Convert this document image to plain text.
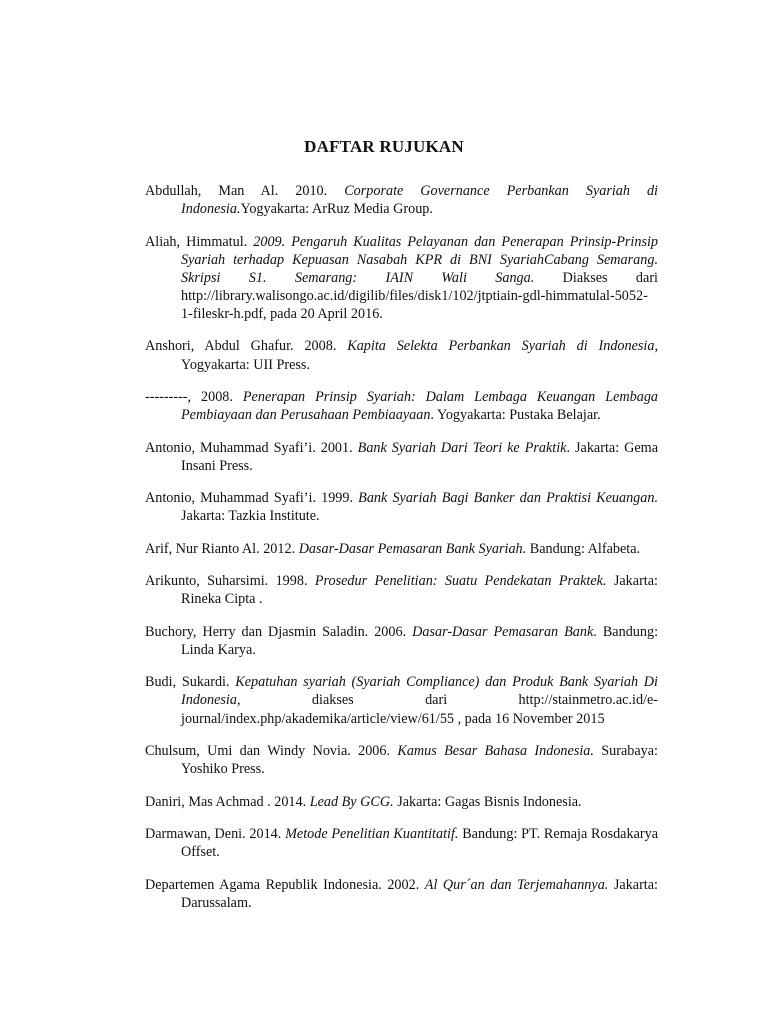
DAFTAR RUJUKAN

Abdullah, Man Al. 2010. Corporate Governance Perbankan Syariah di Indonesia.Yogyakarta: ArRuz Media Group.

Aliah, Himmatul. 2009. Pengaruh Kualitas Pelayanan dan Penerapan Prinsip-Prinsip Syariah terhadap Kepuasan Nasabah KPR di BNI SyariahCabang Semarang. Skripsi S1. Semarang: IAIN Wali Sanga. Diakses dari http://library.walisongo.ac.id/digilib/files/disk1/102/jtptiain-gdl-himmatulal-5052-1-fileskr-h.pdf, pada 20 April 2016.

Anshori, Abdul Ghafur. 2008. Kapita Selekta Perbankan Syariah di Indonesia, Yogyakarta: UII Press.

---------, 2008. Penerapan Prinsip Syariah: Dalam Lembaga Keuangan Lembaga Pembiayaan dan Perusahaan Pembiaayaan. Yogyakarta: Pustaka Belajar.

Antonio, Muhammad Syafi’i. 2001. Bank Syariah Dari Teori ke Praktik. Jakarta: Gema Insani Press.

Antonio, Muhammad Syafi’i. 1999. Bank Syariah Bagi Banker dan Praktisi Keuangan. Jakarta: Tazkia Institute.

Arif, Nur Rianto Al. 2012. Dasar-Dasar Pemasaran Bank Syariah. Bandung: Alfabeta.

Arikunto, Suharsimi. 1998. Prosedur Penelitian: Suatu Pendekatan Praktek. Jakarta: Rineka Cipta .

Buchory, Herry dan Djasmin Saladin. 2006. Dasar-Dasar Pemasaran Bank. Bandung: Linda Karya.

Budi, Sukardi. Kepatuhan syariah (Syariah Compliance) dan Produk Bank Syariah Di Indonesia, diakses dari http://stainmetro.ac.id/e-journal/index.php/akademika/article/view/61/55 , pada 16 November 2015

Chulsum, Umi dan Windy Novia. 2006. Kamus Besar Bahasa Indonesia. Surabaya: Yoshiko Press.

Daniri, Mas Achmad . 2014. Lead By GCG. Jakarta: Gagas Bisnis Indonesia.

Darmawan, Deni. 2014. Metode Penelitian Kuantitatif. Bandung: PT. Remaja Rosdakarya Offset.

Departemen Agama Republik Indonesia. 2002. Al Qur´an dan Terjemahannya. Jakarta: Darussalam.
